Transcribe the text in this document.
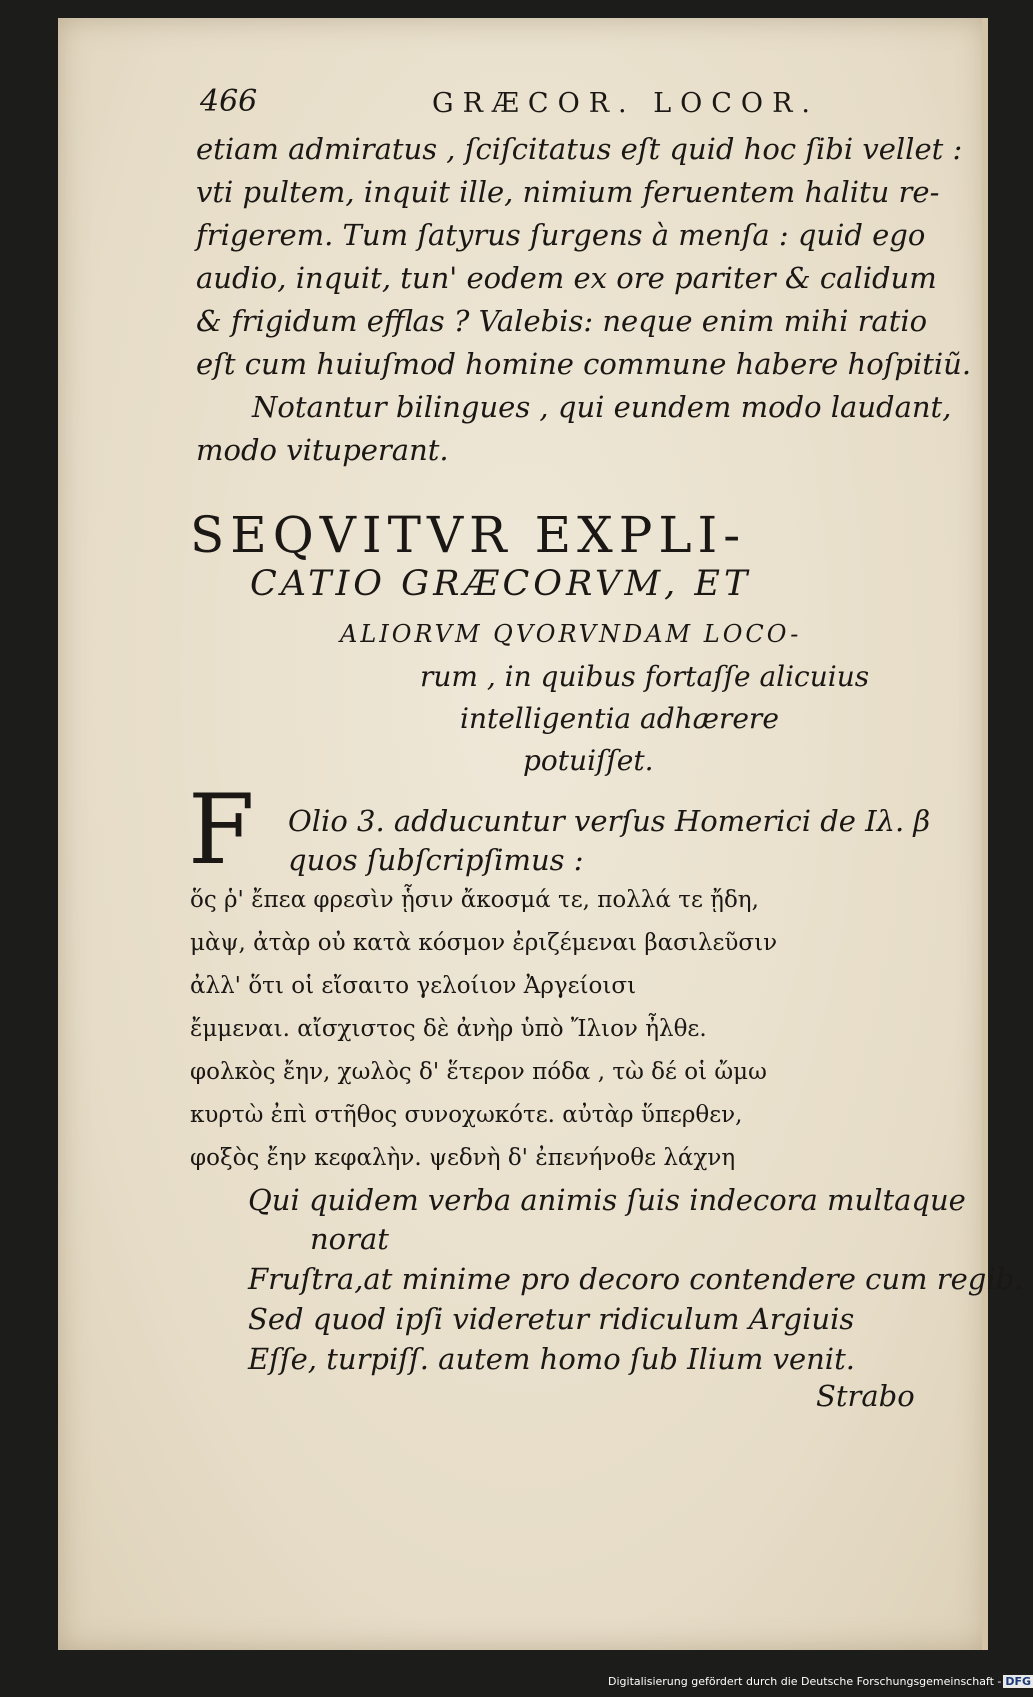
466	GRÆCOR. LOCOR.
etiam admiratus , ſciſcitatus eſt quid hoc ſibi vellet :
vti pultem, inquit ille, nimium feruentem halitu re-
frigerem. Tum ſatyrus ſurgens à menſa : quid ego
audio, inquit, tun' eodem ex ore pariter & calidum
& frigidum efflas ? Valebis: neque enim mihi ratio
eſt cum huiuſmod homine commune habere hoſpitiũ.
Notantur bilingues , qui eundem modo laudant,
modo vituperant.
SEQVITVR EXPLI-
CATIO GRÆCORVM, ET
ALIORVM QVORVNDAM LOCO-
rum , in quibus fortaſſe alicuius
intelligentia adhærere
potuiſſet.
F Olio 3. adducuntur verſus Homerici de Ιλ. β
quos ſubſcripſimus :
ὅς ῥ' ἔπεα φρεσὶν ᾗσιν ἄκοσμά τε, πολλά τε ᾔδη,
μὰψ, ἀτὰρ οὐ κατὰ κόσμον ἐριζέμεναι βασιλεῦσιν
ἀλλ' ὅτι οἱ εἴσαιτο γελοίιον Ἀργείοισι
ἔμμεναι. αἴσχιστος δὲ ἀνὴρ ὑπὸ Ἴλιον ἦλθε.
φολκὸς ἔην, χωλὸς δ' ἕτερον πόδα , τὼ δέ οἱ ὤμω
κυρτὼ ἐπὶ στῆθος συνοχωκότε. αὐτὰρ ὕπερθεν,
φοξὸς ἔην κεφαλὴν. ψεδνὴ δ' ἐπενήνοθε λάχνη
Qui quidem verba animis ſuis indecora multaque
norat
Fruſtra,at minime pro decoro contendere cum regib.
Sed quod ipſi videretur ridiculum Argiuis
Eſſe, turpiſſ. autem homo ſub Ilium venit.
Strabo
Digitalisierung gefördert durch die Deutsche Forschungsgemeinschaft - DFG
